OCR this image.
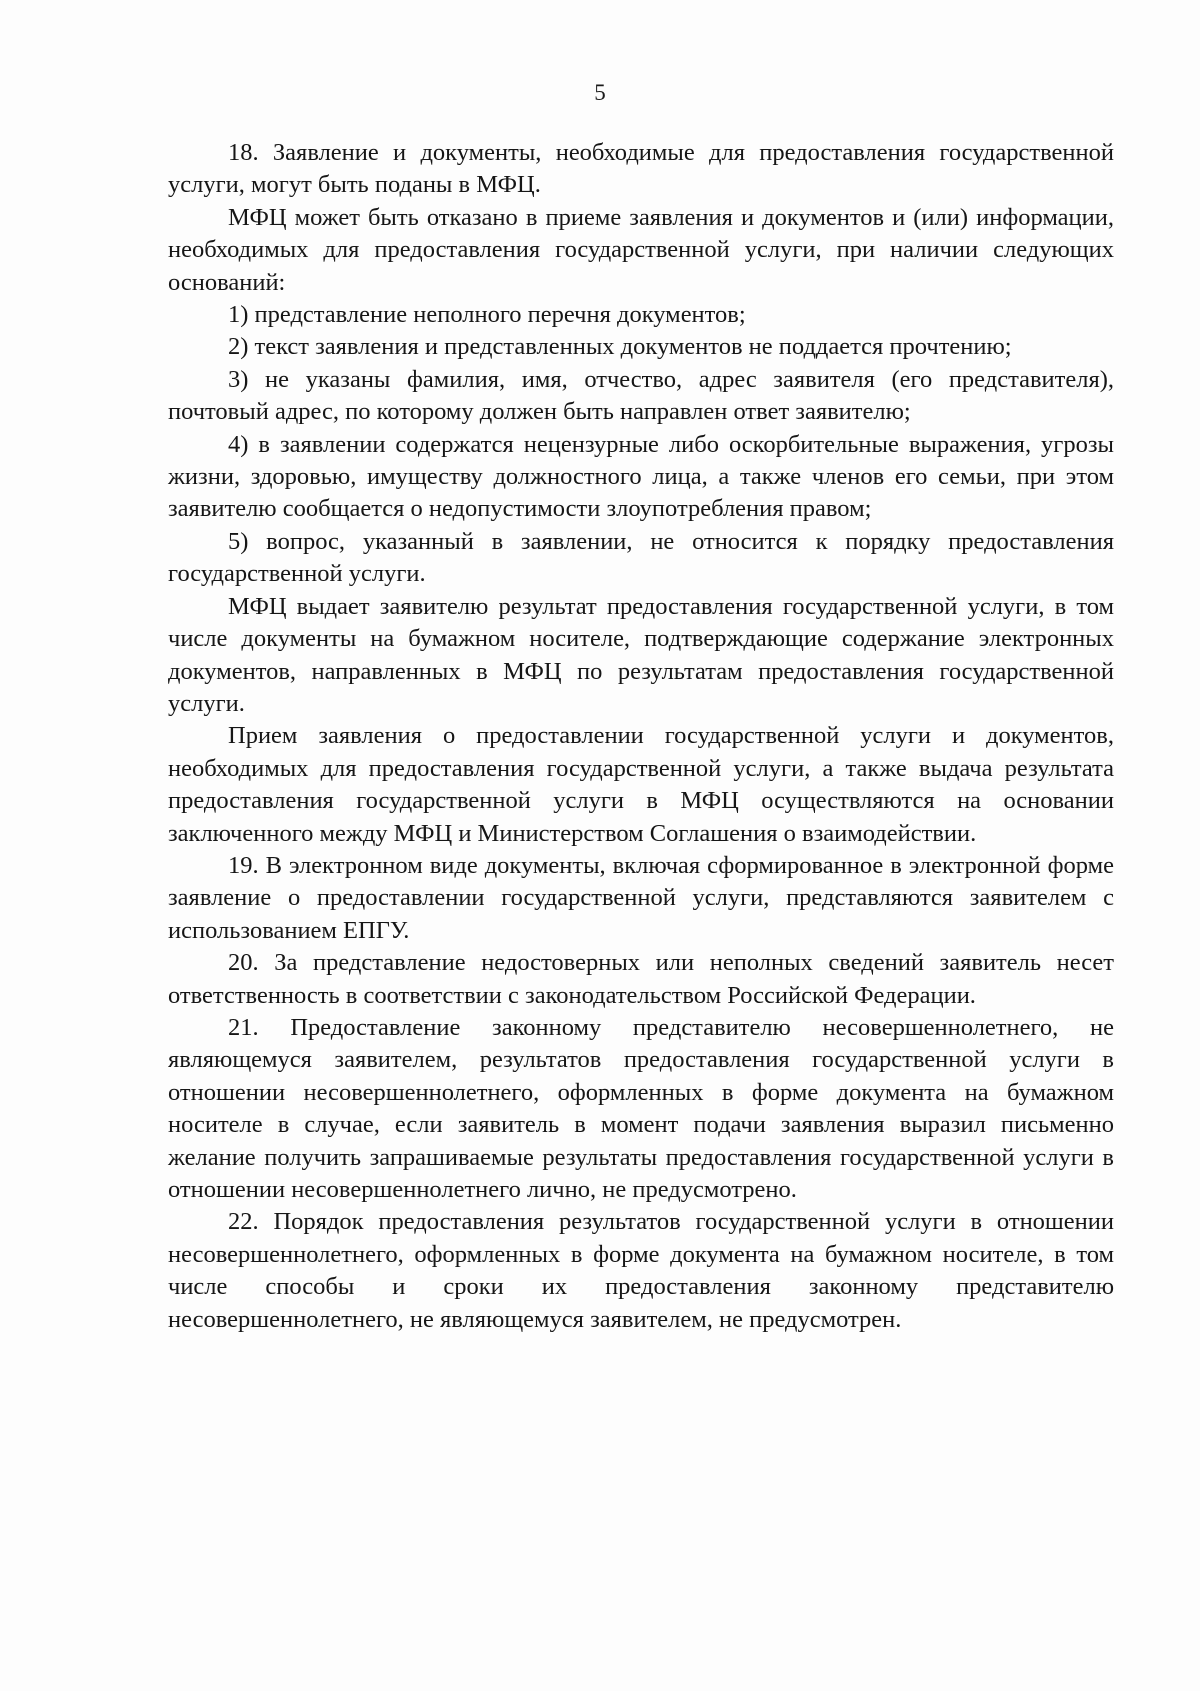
5

18. Заявление и документы, необходимые для предоставления государственной услуги, могут быть поданы в МФЦ.

МФЦ может быть отказано в приеме заявления и документов и (или) информации, необходимых для предоставления государственной услуги, при наличии следующих оснований:

1) представление неполного перечня документов;

2) текст заявления и представленных документов не поддается прочтению;

3) не указаны фамилия, имя, отчество, адрес заявителя (его представителя), почтовый адрес, по которому должен быть направлен ответ заявителю;

4) в заявлении содержатся нецензурные либо оскорбительные выражения, угрозы жизни, здоровью, имуществу должностного лица, а также членов его семьи, при этом заявителю сообщается о недопустимости злоупотребления правом;

5) вопрос, указанный в заявлении, не относится к порядку предоставления государственной услуги.

МФЦ выдает заявителю результат предоставления государственной услуги, в том числе документы на бумажном носителе, подтверждающие содержание электронных документов, направленных в МФЦ по результатам предоставления государственной услуги.

Прием заявления о предоставлении государственной услуги и документов, необходимых для предоставления государственной услуги, а также выдача результата предоставления государственной услуги в МФЦ осуществляются на основании заключенного между МФЦ и Министерством Соглашения о взаимодействии.

19. В электронном виде документы, включая сформированное в электронной форме заявление о предоставлении государственной услуги, представляются заявителем с использованием ЕПГУ.

20. За представление недостоверных или неполных сведений заявитель несет ответственность в соответствии с законодательством Российской Федерации.

21. Предоставление законному представителю несовершеннолетнего, не являющемуся заявителем, результатов предоставления государственной услуги в отношении несовершеннолетнего, оформленных в форме документа на бумажном носителе в случае, если заявитель в момент подачи заявления выразил письменно желание получить запрашиваемые результаты предоставления государственной услуги в отношении несовершеннолетнего лично, не предусмотрено.

22. Порядок предоставления результатов государственной услуги в отношении несовершеннолетнего, оформленных в форме документа на бумажном носителе, в том числе способы и сроки их предоставления законному представителю несовершеннолетнего, не являющемуся заявителем, не предусмотрен.
